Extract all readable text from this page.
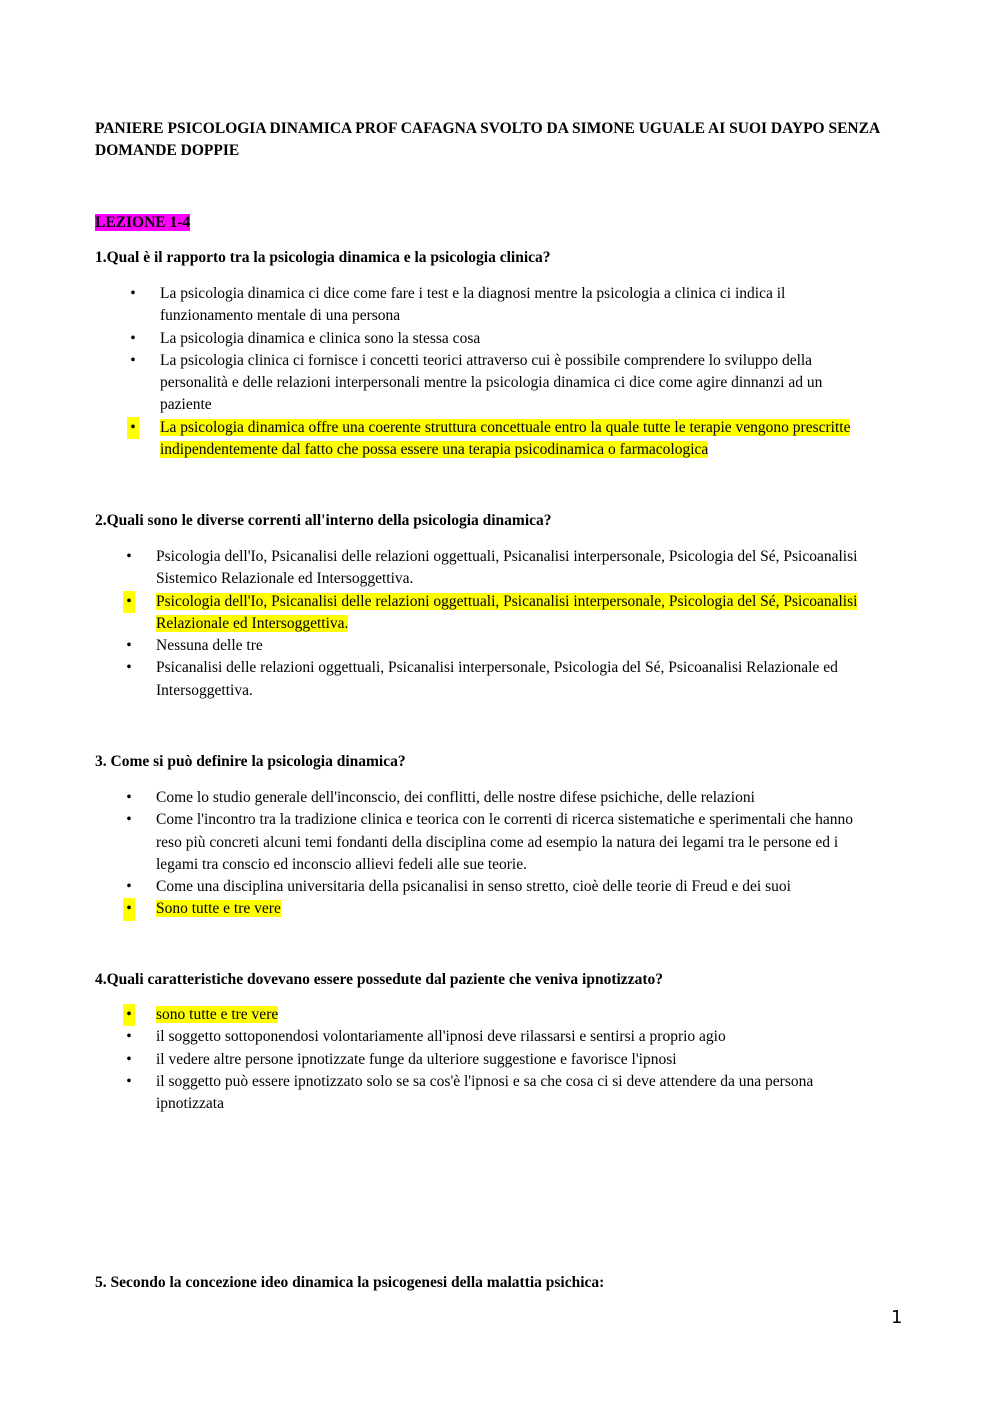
PANIERE PSICOLOGIA DINAMICA PROF CAFAGNA SVOLTO DA SIMONE UGUALE AI SUOI DAYPO SENZA DOMANDE DOPPIE
LEZIONE 1-4

1.Qual è il rapporto tra la psicologia dinamica e la psicologia clinica?

• La psicologia dinamica ci dice come fare i test e la diagnosi mentre la psicologia a clinica ci indica il funzionamento mentale di una persona
• La psicologia dinamica e clinica sono la stessa cosa
• La psicologia clinica ci fornisce i concetti teorici attraverso cui è possibile comprendere lo sviluppo della personalità e delle relazioni interpersonali mentre la psicologia dinamica ci dice come agire dinnanzi ad un paziente
• La psicologia dinamica offre una coerente struttura concettuale entro la quale tutte le terapie vengono prescritte indipendentemente dal fatto che possa essere una terapia psicodinamica o farmacologica

2.Quali sono le diverse correnti all'interno della psicologia dinamica?

• Psicologia dell'Io, Psicanalisi delle relazioni oggettuali, Psicanalisi interpersonale, Psicologia del Sé, Psicoanalisi Sistemico Relazionale ed Intersoggettiva.
• Psicologia dell'Io, Psicanalisi delle relazioni oggettuali, Psicanalisi interpersonale, Psicologia del Sé, Psicoanalisi Relazionale ed Intersoggettiva.
• Nessuna delle tre
• Psicanalisi delle relazioni oggettuali, Psicanalisi interpersonale, Psicologia del Sé, Psicoanalisi Relazionale ed Intersoggettiva.

3. Come si può definire la psicologia dinamica?

• Come lo studio generale dell'inconscio, dei conflitti, delle nostre difese psichiche, delle relazioni
• Come l'incontro tra la tradizione clinica e teorica con le correnti di ricerca sistematiche e sperimentali che hanno reso più concreti alcuni temi fondanti della disciplina come ad esempio la natura dei legami tra le persone ed i legami tra conscio ed inconscio allievi fedeli alle sue teorie.
• Come una disciplina universitaria della psicanalisi in senso stretto, cioè delle teorie di Freud e dei suoi
• Sono tutte e tre vere

4.Quali caratteristiche dovevano essere possedute dal paziente che veniva ipnotizzato?

• sono tutte e tre vere
• il soggetto sottoponendosi volontariamente all'ipnosi deve rilassarsi e sentirsi a proprio agio
• il vedere altre persone ipnotizzate funge da ulteriore suggestione e favorisce l'ipnosi
• il soggetto può essere ipnotizzato solo se sa cos'è l'ipnosi e sa che cosa ci si deve attendere da una persona ipnotizzata

5. Secondo la concezione ideo dinamica la psicogenesi della malattia psichica:

1
